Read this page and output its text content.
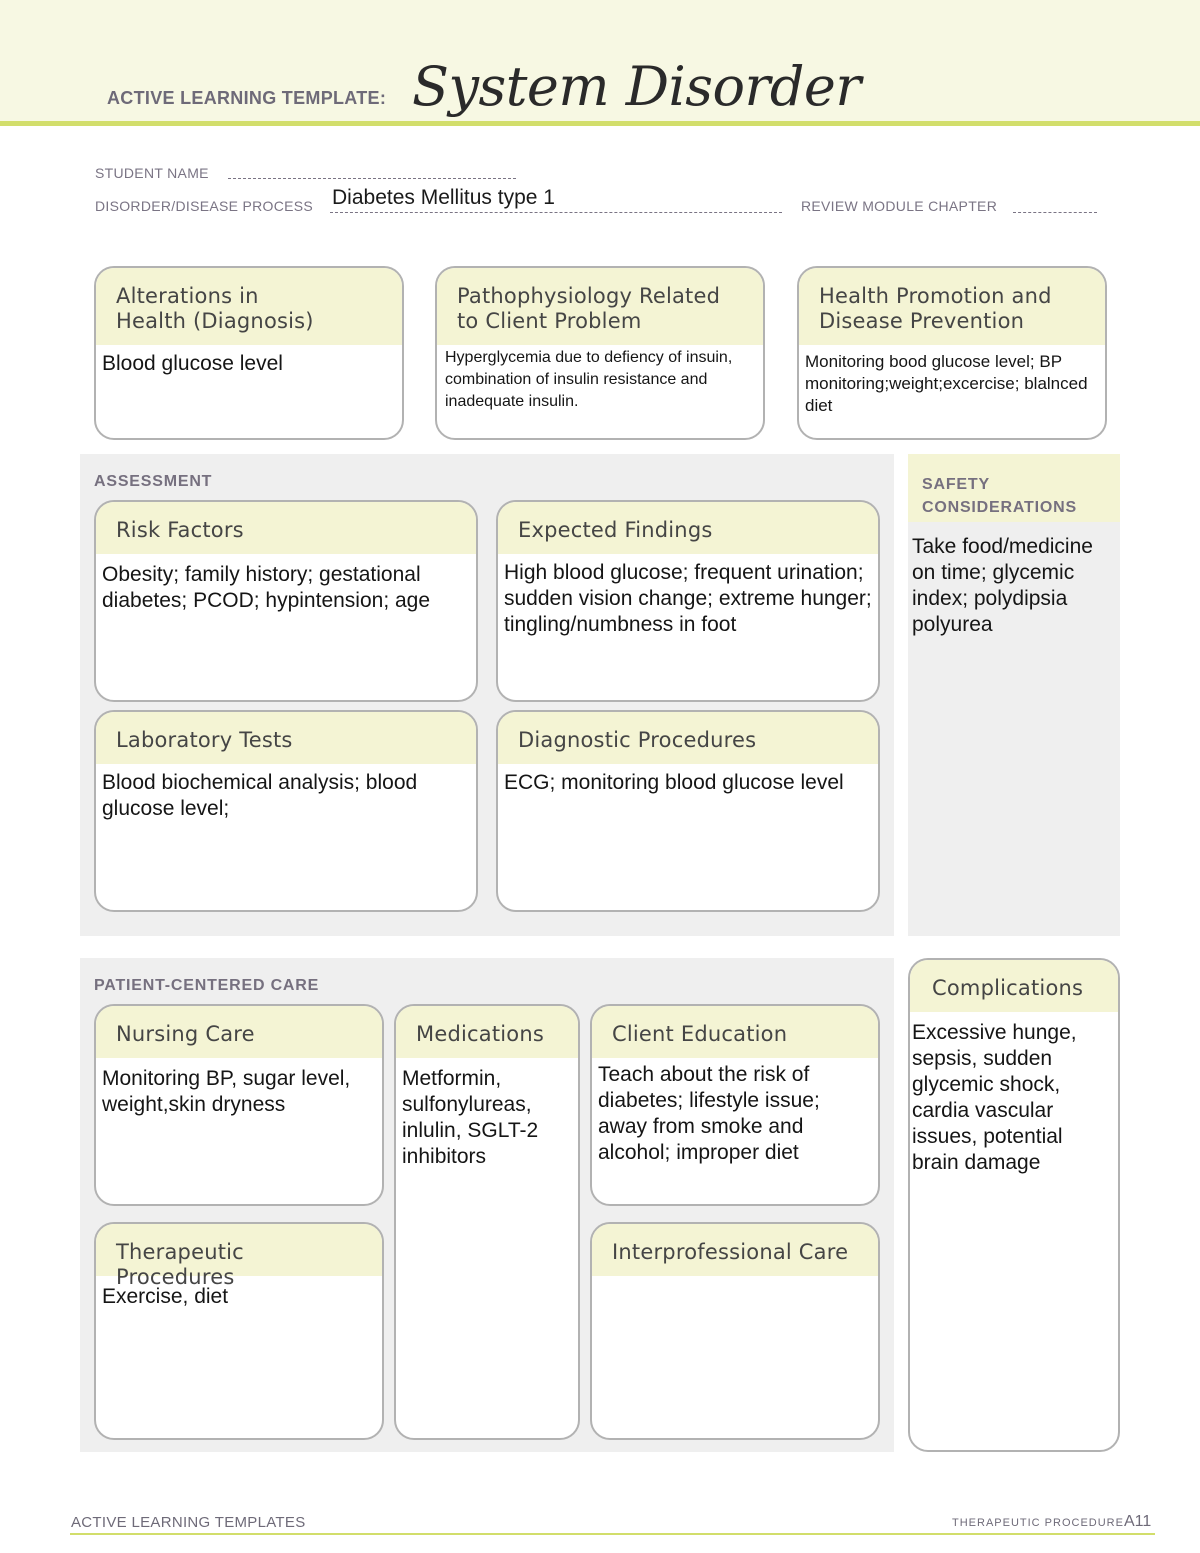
ACTIVE LEARNING TEMPLATE: System Disorder
STUDENT NAME
DISORDER/DISEASE PROCESS Diabetes Mellitus type 1	REVIEW MODULE CHAPTER
Alterations in
Health (Diagnosis)
Blood glucose level
Pathophysiology Related
to Client Problem
Hyperglycemia due to defiency of insuin, combination of insulin resistance and inadequate insulin.
Health Promotion and
Disease Prevention
Monitoring bood glucose level; BP monitoring;weight;excercise; blalnced diet
ASSESSMENT
Risk Factors
Obesity; family history; gestational diabetes; PCOD; hypintension; age
Expected Findings
High blood glucose; frequent urination; sudden vision change; extreme hunger; tingling/numbness in foot
Laboratory Tests
Blood biochemical analysis; blood glucose level;
Diagnostic Procedures
ECG; monitoring blood glucose level
SAFETY
CONSIDERATIONS
Take food/medicine on time; glycemic index; polydipsia polyurea
PATIENT-CENTERED CARE
Nursing Care
Monitoring BP, sugar level, weight,skin dryness
Medications
Metformin, sulfonylureas, inlulin, SGLT-2 inhibitors
Client Education
Teach about the risk of diabetes; lifestyle issue; away from smoke and alcohol; improper diet
Therapeutic Procedures
Exercise, diet
Interprofessional Care
Complications
Excessive hunge, sepsis, sudden glycemic shock, cardia vascular issues, potential brain damage
ACTIVE LEARNING TEMPLATES	THERAPEUTIC PROCEDURE A11
